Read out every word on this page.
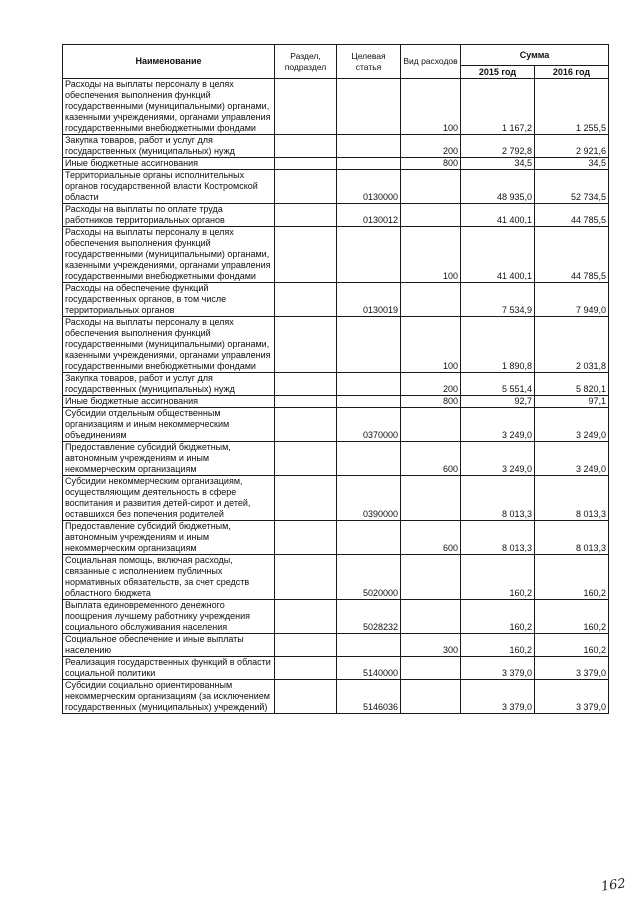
Наименование	Раздел, подраздел	Целевая статья	Вид расходов	Сумма	
				2015 год	2016 год
Расходы на выплаты персоналу в целях обеспечения выполнения функций государственными (муниципальными) органами, казенными учреждениями, органами управления государственными внебюджетными фондами			100	1 167,2	1 255,5
Закупка товаров, работ и услуг для государственных (муниципальных) нужд			200	2 792,8	2 921,6
Иные бюджетные ассигнования			800	34,5	34,5
Территориальные органы исполнительных органов государственной власти Костромской области		0130000		48 935,0	52 734,5
Расходы на выплаты по оплате труда работников территориальных органов		0130012		41 400,1	44 785,5
Расходы на выплаты персоналу в целях обеспечения выполнения функций государственными (муниципальными) органами, казенными учреждениями, органами управления государственными внебюджетными фондами			100	41 400,1	44 785,5
Расходы на обеспечение функций государственных органов, в том числе территориальных органов		0130019		7 534,9	7 949,0
Расходы на выплаты персоналу в целях обеспечения выполнения функций государственными (муниципальными) органами, казенными учреждениями, органами управления государственными внебюджетными фондами			100	1 890,8	2 031,8
Закупка товаров, работ и услуг для государственных (муниципальных) нужд			200	5 551,4	5 820,1
Иные бюджетные ассигнования			800	92,7	97,1
Субсидии отдельным общественным организациям и иным некоммерческим объединениям		0370000		3 249,0	3 249,0
Предоставление субсидий бюджетным, автономным учреждениям и иным некоммерческим организациям			600	3 249,0	3 249,0
Субсидии некоммерческим организациям, осуществляющим деятельность в сфере воспитания и развития детей-сирот и детей, оставшихся без попечения родителей		0390000		8 013,3	8 013,3
Предоставление субсидий бюджетным, автономным учреждениям и иным некоммерческим организациям			600	8 013,3	8 013,3
Социальная помощь, включая расходы, связанные с исполнением публичных нормативных обязательств, за счет средств областного бюджета		5020000		160,2	160,2
Выплата единовременного денежного поощрения лучшему работнику учреждения социального обслуживания населения		5028232		160,2	160,2
Социальное обеспечение и иные выплаты населению			300	160,2	160,2
Реализация государственных функций в области социальной политики		5140000		3 379,0	3 379,0
Субсидии социально ориентированным некоммерческим организациям (за исключением государственных (муниципальных) учреждений)		5146036		3 379,0	3 379,0
162
